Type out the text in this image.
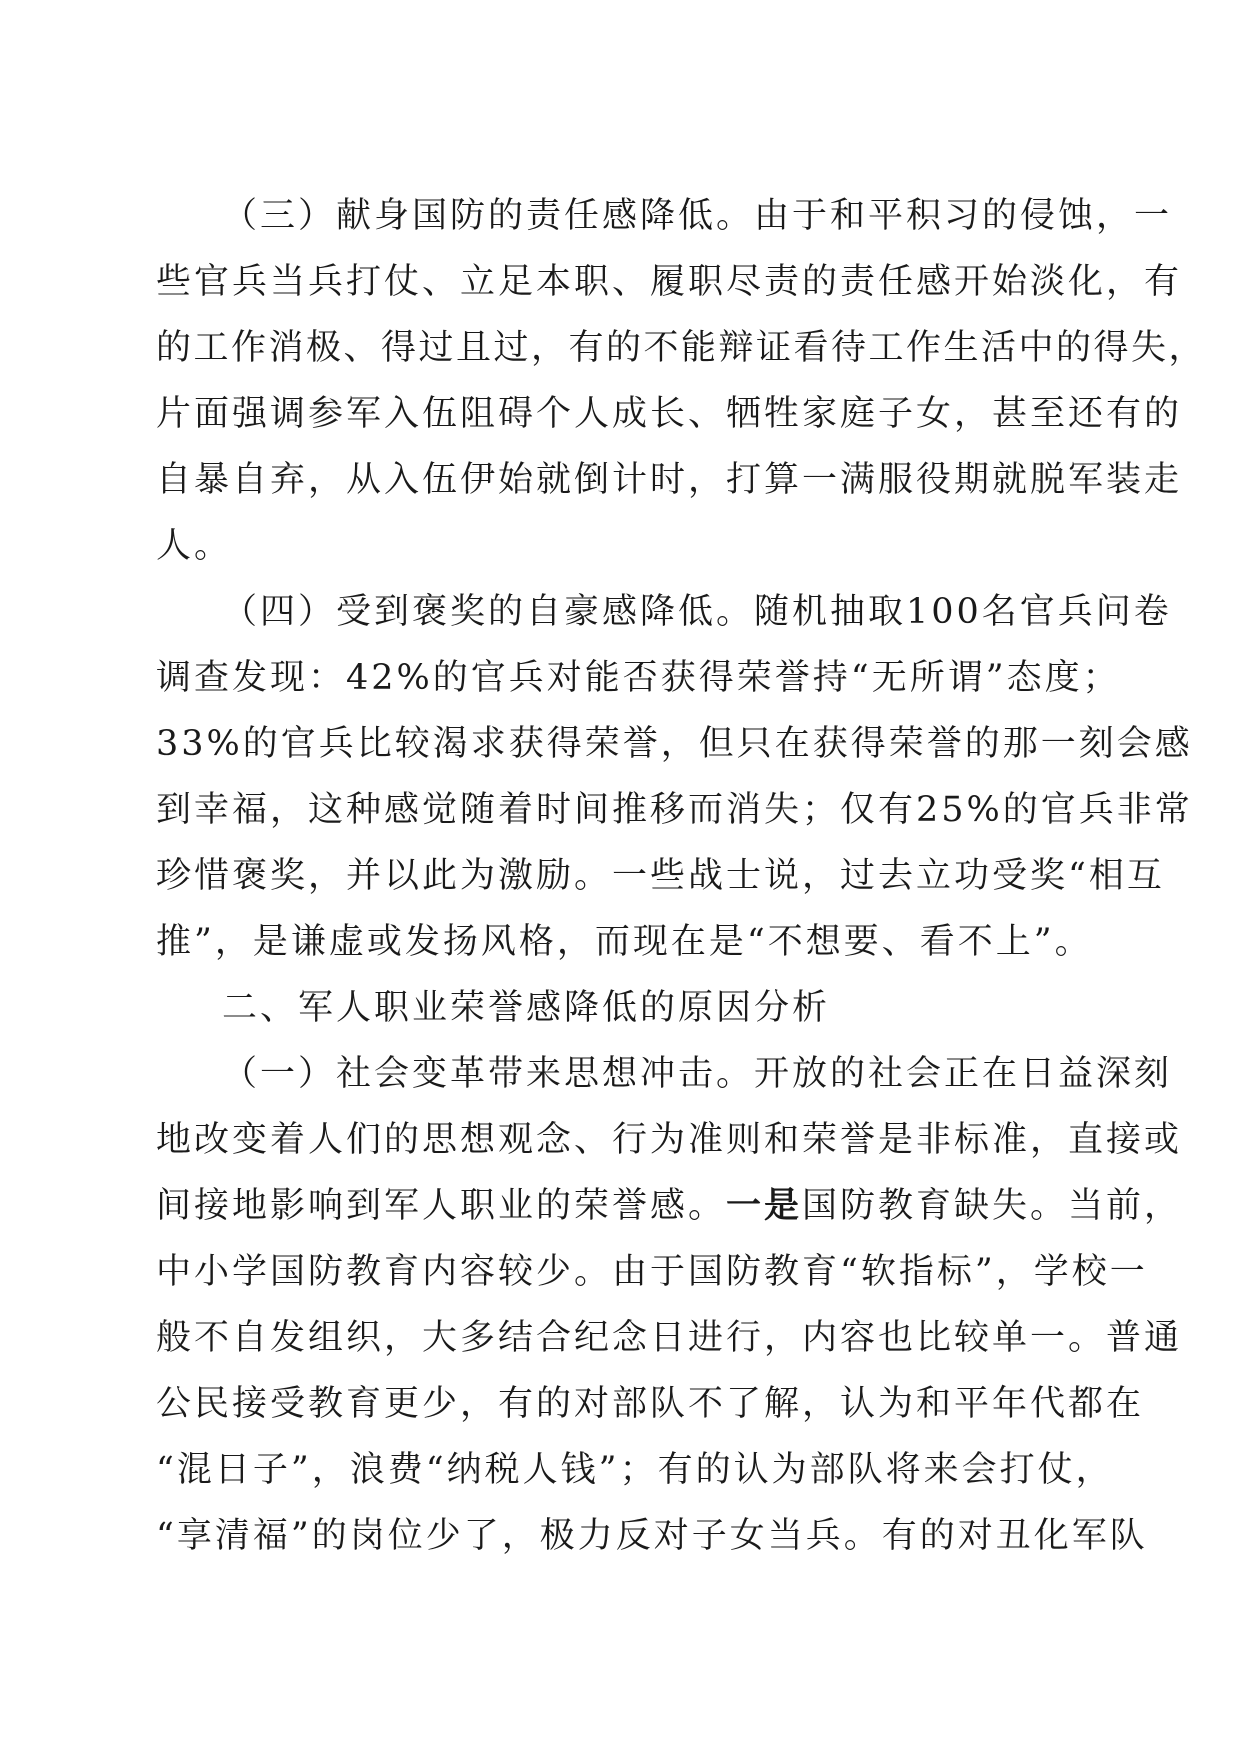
（三）献身国防的责任感降低。由于和平积习的侵蚀，一
些官兵当兵打仗、立足本职、履职尽责的责任感开始淡化，有
的工作消极、得过且过，有的不能辩证看待工作生活中的得失，
片面强调参军入伍阻碍个人成长、牺牲家庭子女，甚至还有的
自暴自弃，从入伍伊始就倒计时，打算一满服役期就脱军装走
人。
（四）受到褒奖的自豪感降低。随机抽取100名官兵问卷
调查发现：42%的官兵对能否获得荣誉持“无所谓”态度；
33%的官兵比较渴求获得荣誉，但只在获得荣誉的那一刻会感
到幸福，这种感觉随着时间推移而消失；仅有25%的官兵非常
珍惜褒奖，并以此为激励。一些战士说，过去立功受奖“相互
推”，是谦虚或发扬风格，而现在是“不想要、看不上”。
二、军人职业荣誉感降低的原因分析
（一）社会变革带来思想冲击。开放的社会正在日益深刻
地改变着人们的思想观念、行为准则和荣誉是非标准，直接或
间接地影响到军人职业的荣誉感。一是国防教育缺失。当前，
中小学国防教育内容较少。由于国防教育“软指标”，学校一
般不自发组织，大多结合纪念日进行，内容也比较单一。普通
公民接受教育更少，有的对部队不了解，认为和平年代都在
“混日子”，浪费“纳税人钱”；有的认为部队将来会打仗，
“享清福”的岗位少了，极力反对子女当兵。有的对丑化军队
